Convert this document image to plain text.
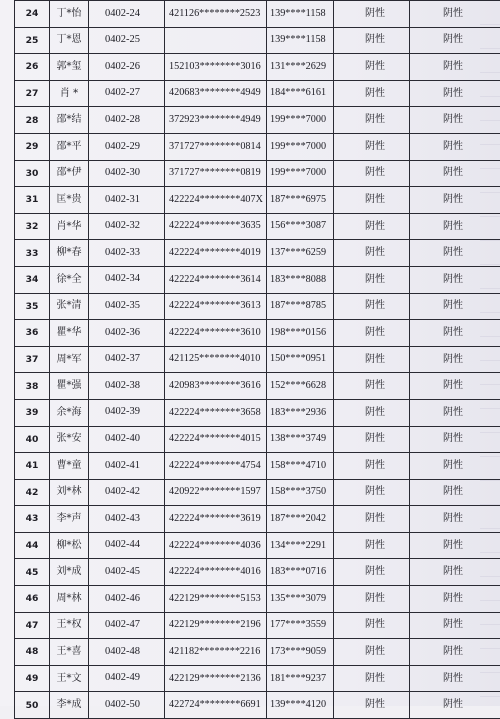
24	丁*怡	0402-24	421126********2523	139****1158	阴性	阴性
25	丁*恩	0402-25		139****1158	阴性	阴性
26	郭*玺	0402-26	152103********3016	131****2629	阴性	阴性
27	肖 *	0402-27	420683********4949	184****6161	阴性	阴性
28	邵*结	0402-28	372923********4949	199****7000	阴性	阴性
29	邵*平	0402-29	371727********0814	199****7000	阴性	阴性
30	邵*伊	0402-30	371727********0819	199****7000	阴性	阴性
31	匡*贵	0402-31	422224********407X	187****6975	阴性	阴性
32	肖*华	0402-32	422224********3635	156****3087	阴性	阴性
33	柳*春	0402-33	422224********4019	137****6259	阴性	阴性
34	徐*全	0402-34	422224********3614	183****8088	阴性	阴性
35	张*清	0402-35	422224********3613	187****8785	阴性	阴性
36	瞿*华	0402-36	422224********3610	198****0156	阴性	阴性
37	周*军	0402-37	421125********4010	150****0951	阴性	阴性
38	瞿*强	0402-38	420983********3616	152****6628	阴性	阴性
39	余*海	0402-39	422224********3658	183****2936	阴性	阴性
40	张*安	0402-40	422224********4015	138****3749	阴性	阴性
41	曹*童	0402-41	422224********4754	158****4710	阴性	阴性
42	刘*林	0402-42	420922********1597	158****3750	阴性	阴性
43	李*声	0402-43	422224********3619	187****2042	阴性	阴性
44	柳*松	0402-44	422224********4036	134****2291	阴性	阴性
45	刘*成	0402-45	422224********4016	183****0716	阴性	阴性
46	周*林	0402-46	422129********5153	135****3079	阴性	阴性
47	王*权	0402-47	422129********2196	177****3559	阴性	阴性
48	王*喜	0402-48	421182********2216	173****9059	阴性	阴性
49	王*文	0402-49	422129********2136	181****9237	阴性	阴性
50	李*成	0402-50	422724********6691	139****4120	阴性	阴性
